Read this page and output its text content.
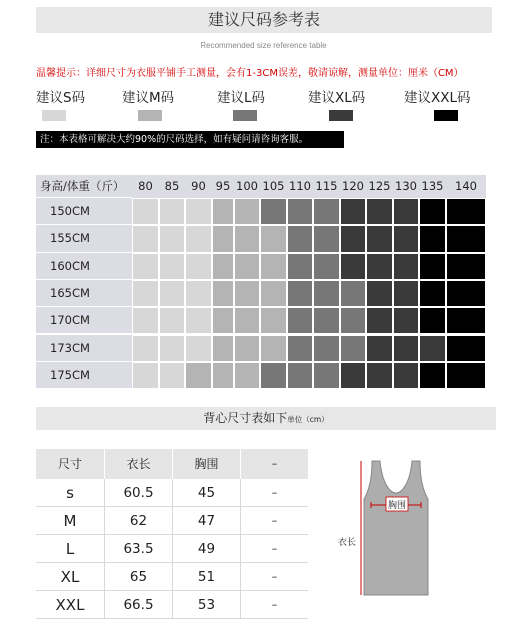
建议尺码参考表
Recommended size reference table
温馨提示：详细尺寸为衣服平铺手工测量，会有1-3CM误差，敬请谅解，测量单位：厘米（CM）
建议S码	建议M码	建议L码	建议XL码	建议XXL码
注：本表格可解决大约90%的尺码选择，如有疑问请咨询客服。
身高/体重（斤）	80	85	90 95 100 105 110 115 120 125 130 135	140
150CM
155CM
160CM
165CM
170CM
173CM
175CM
背心尺寸表如下单位（cm）
尺寸	衣长	胸围	–
s	60.5	45	–
M	62	47	–
L	63.5	49	–
XL	65	51	–
XXL	66.5	53	–
胸围
衣长
